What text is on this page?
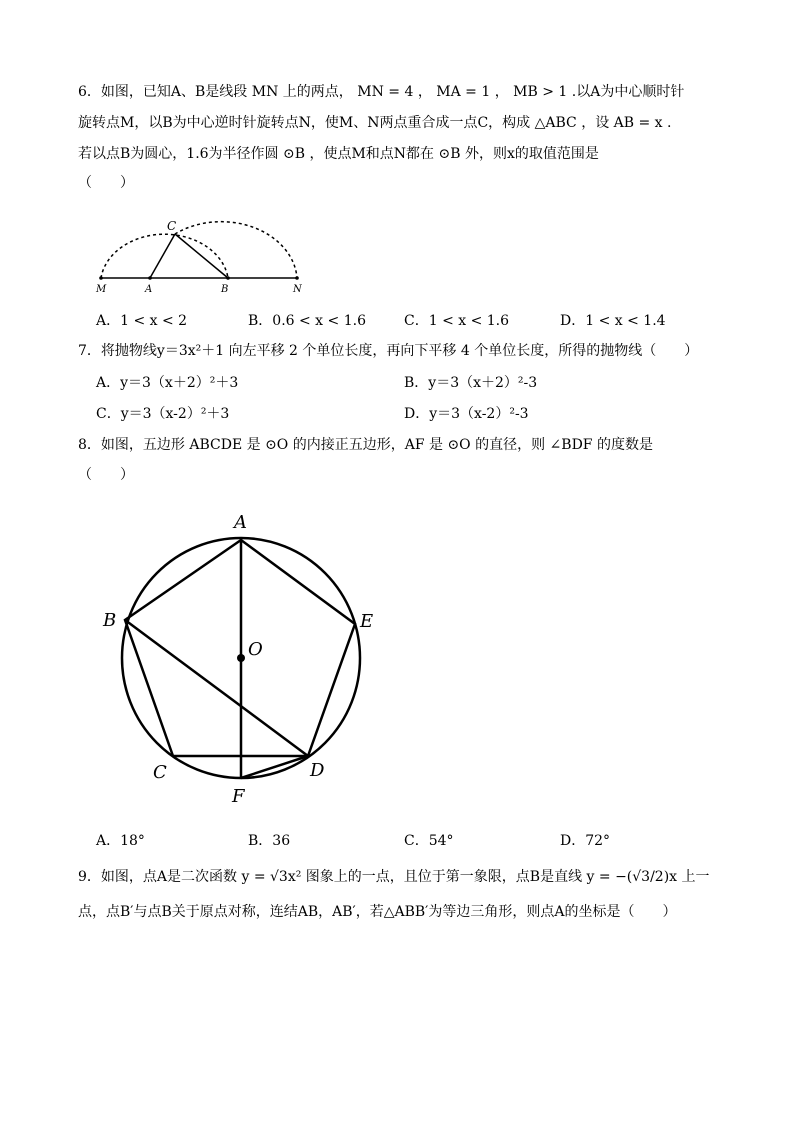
6．如图，已知A、B是线段 MN 上的两点， MN = 4 ， MA = 1 ， MB > 1 .以A为中心顺时针
旋转点M，以B为中心逆时针旋转点N，使M、N两点重合成一点C，构成 △ABC ，设 AB = x .
若以点B为圆心，1.6为半径作圆 ⊙B ，使点M和点N都在 ⊙B 外，则x的取值范围是
（　　）
C
M	A	B	N
A．1 < x < 2	B．0.6 < x < 1.6	C．1 < x < 1.6	D．1 < x < 1.4
7．将抛物线y＝3x²＋1 向左平移 2 个单位长度，再向下平移 4 个单位长度，所得的抛物线（　　）
A．y＝3（x＋2）²＋3	B．y＝3（x＋2）²-3
C．y＝3（x-2）²＋3	D．y＝3（x-2）²-3
8．如图，五边形 ABCDE 是 ⊙O 的内接正五边形，AF 是 ⊙O 的直径，则 ∠BDF 的度数是
（　　）
A
B
C	D
E
F
O
A．18°	B．36	C．54°	D．72°
9．如图，点A是二次函数 y = √3x² 图象上的一点，且位于第一象限，点B是直线 y = −(√3/2)x 上一
点，点B′与点B关于原点对称，连结AB，AB′，若△ABB′为等边三角形，则点A的坐标是（　　）
